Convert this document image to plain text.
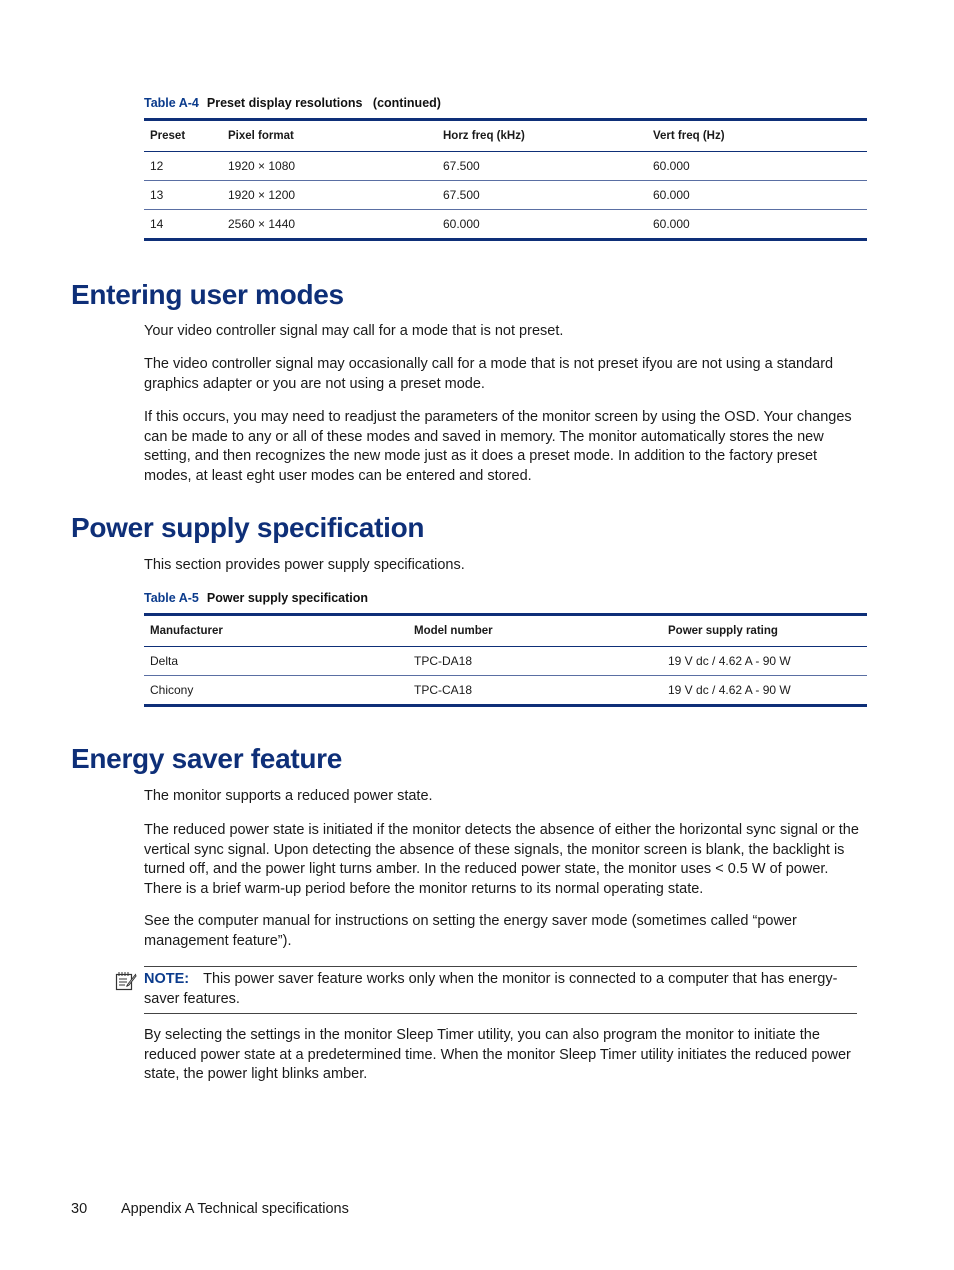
Table A-4 Preset display resolutions   (continued)
Preset	Pixel format	Horz freq (kHz)	Vert freq (Hz)
12	1920 × 1080	67.500	60.000
13	1920 × 1200	67.500	60.000
14	2560 × 1440	60.000	60.000
Entering user modes

Your video controller signal may call for a mode that is not preset.

The video controller signal may occasionally call for a mode that is not preset ifyou are not using a standard graphics adapter or you are not using a preset mode.

If this occurs, you may need to readjust the parameters of the monitor screen by using the OSD. Your changes can be made to any or all of these modes and saved in memory. The monitor automatically stores the new setting, and then recognizes the new mode just as it does a preset mode. In addition to the factory preset modes, at least eght user modes can be entered and stored.

Power supply specification

This section provides power supply specifications.

Table A-5 Power supply specification
Manufacturer	Model number	Power supply rating
Delta	TPC-DA18	19 V dc / 4.62 A - 90 W
Chicony	TPC-CA18	19 V dc / 4.62 A - 90 W
Energy saver feature

The monitor supports a reduced power state.

The reduced power state is initiated if the monitor detects the absence of either the horizontal sync signal or the vertical sync signal. Upon detecting the absence of these signals, the monitor screen is blank, the backlight is turned off, and the power light turns amber. In the reduced power state, the monitor uses < 0.5 W of power. There is a brief warm-up period before the monitor returns to its normal operating state.

See the computer manual for instructions on setting the energy saver mode (sometimes called “power management feature”).

NOTE: This power saver feature works only when the monitor is connected to a computer that has energy-saver features.

By selecting the settings in the monitor Sleep Timer utility, you can also program the monitor to initiate the reduced power state at a predetermined time. When the monitor Sleep Timer utility initiates the reduced power state, the power light blinks amber.

30 Appendix A Technical specifications
